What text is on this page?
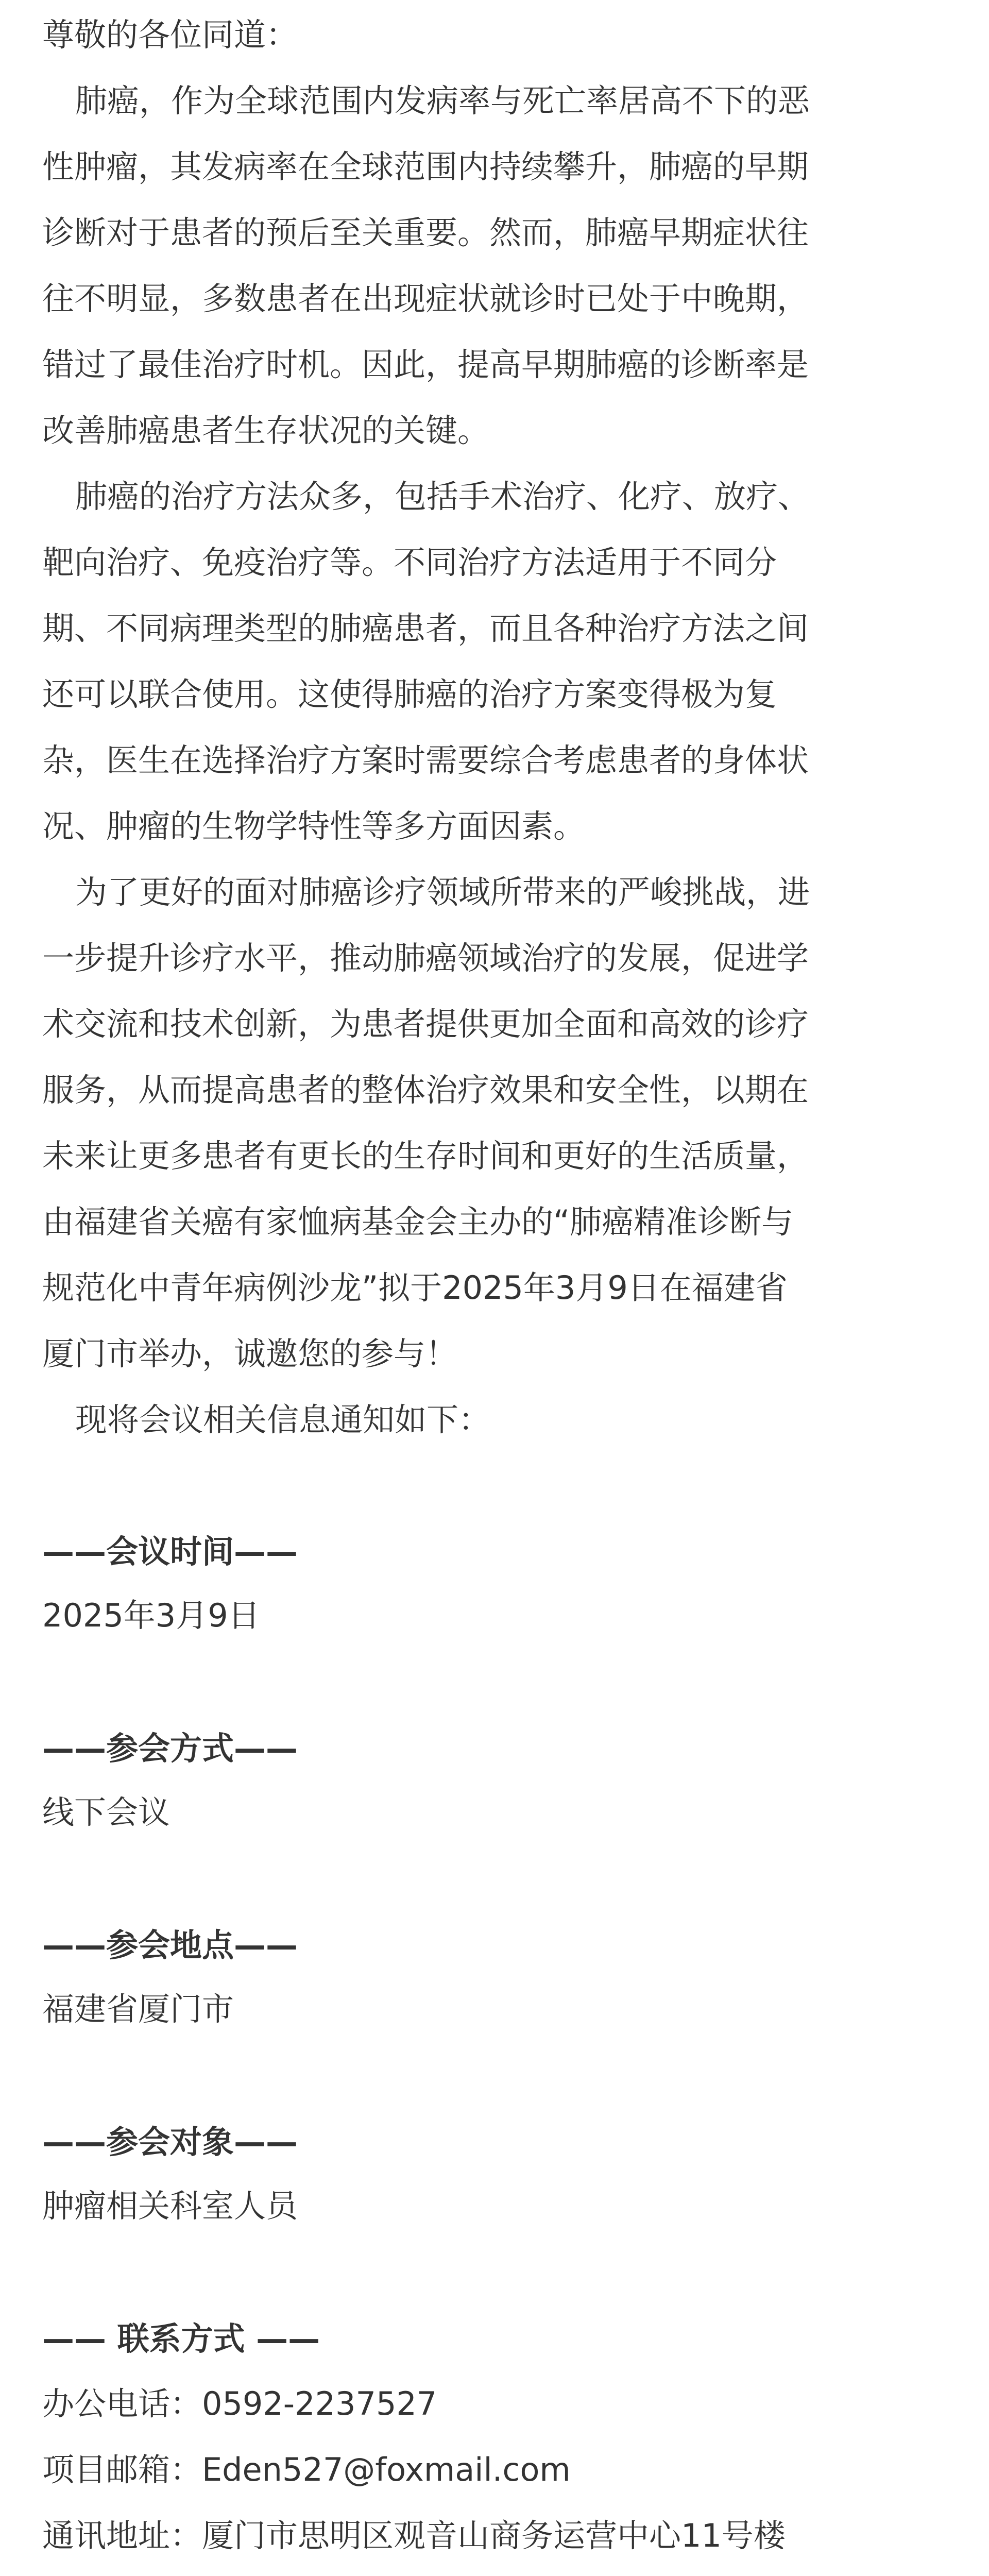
尊敬的各位同道：
肺癌，作为全球范围内发病率与死亡率居高不下的恶
性肿瘤，其发病率在全球范围内持续攀升，肺癌的早期
诊断对于患者的预后至关重要。然而，肺癌早期症状往
往不明显，多数患者在出现症状就诊时已处于中晚期，
错过了最佳治疗时机。因此，提高早期肺癌的诊断率是
改善肺癌患者生存状况的关键。
肺癌的治疗方法众多，包括手术治疗、化疗、放疗、
靶向治疗、免疫治疗等。不同治疗方法适用于不同分
期、不同病理类型的肺癌患者，而且各种治疗方法之间
还可以联合使用。这使得肺癌的治疗方案变得极为复
杂，医生在选择治疗方案时需要综合考虑患者的身体状
况、肿瘤的生物学特性等多方面因素。
为了更好的面对肺癌诊疗领域所带来的严峻挑战，进
一步提升诊疗水平，推动肺癌领域治疗的发展，促进学
术交流和技术创新，为患者提供更加全面和高效的诊疗
服务，从而提高患者的整体治疗效果和安全性，以期在
未来让更多患者有更长的生存时间和更好的生活质量，
由福建省关癌有家恤病基金会主办的“肺癌精准诊断与
规范化中青年病例沙龙”拟于2025年3月9日在福建省
厦门市举办，诚邀您的参与！
现将会议相关信息通知如下：
——会议时间——
2025年3月9日
——参会方式——
线下会议
——参会地点——
福建省厦门市
——参会对象——
肿瘤相关科室人员
—— 联系方式 ——
办公电话：0592-2237527
项目邮箱：Eden527@foxmail.com
通讯地址：厦门市思明区观音山商务运营中心11号楼
